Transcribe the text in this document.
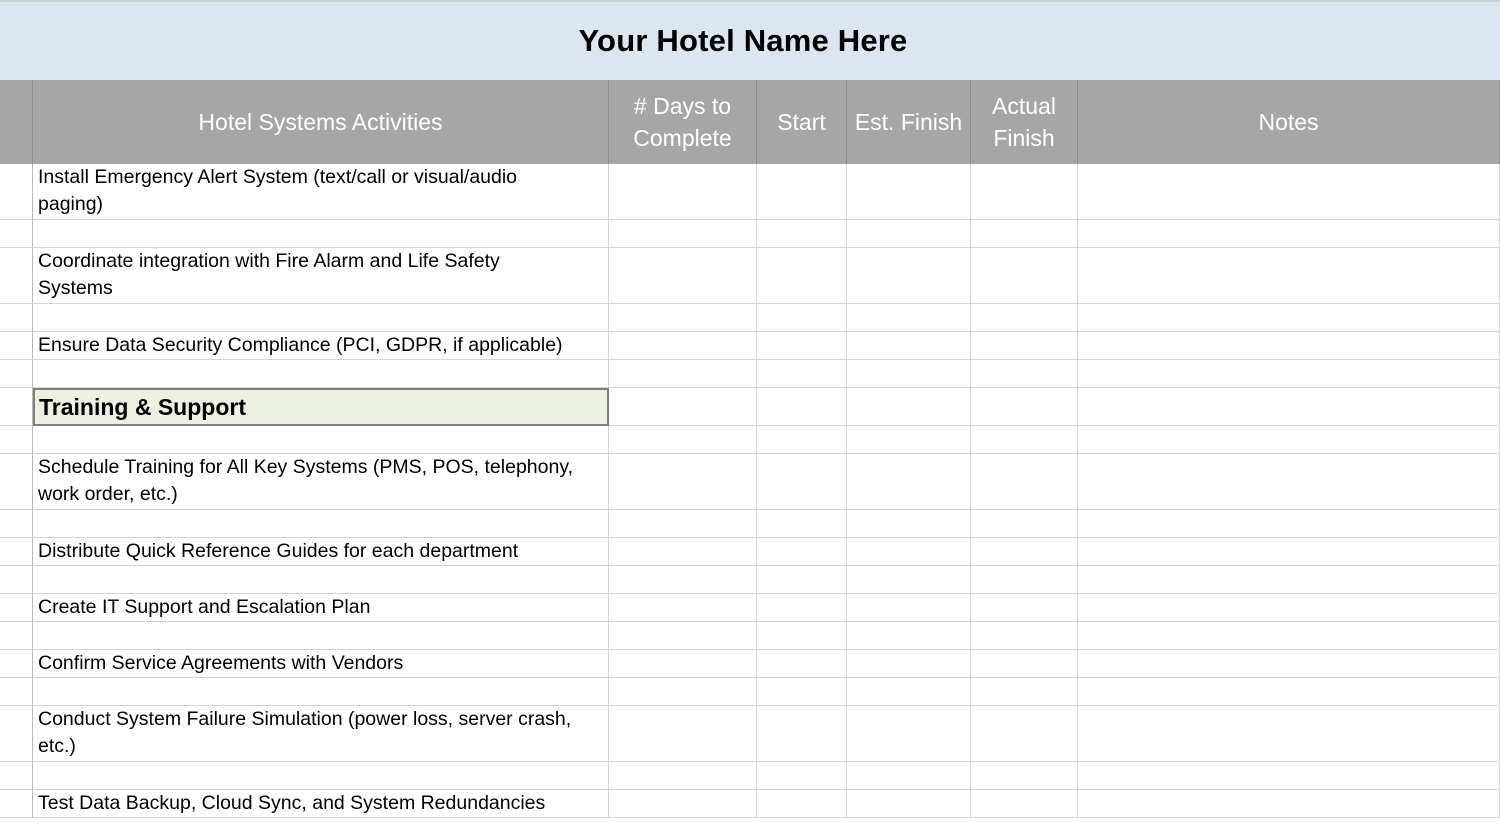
Your Hotel Name Here
Hotel Systems Activities
# Days to
Complete
Start Est. Finish
Actual
Finish
Notes
Install Emergency Alert System (text/call or visual/audio
paging)
Coordinate integration with Fire Alarm and Life Safety
Systems
Ensure Data Security Compliance (PCI, GDPR, if applicable)
Training & Support
Schedule Training for All Key Systems (PMS, POS, telephony,
work order, etc.)
Distribute Quick Reference Guides for each department
Create IT Support and Escalation Plan
Confirm Service Agreements with Vendors
Conduct System Failure Simulation (power loss, server crash,
etc.)
Test Data Backup, Cloud Sync, and System Redundancies
